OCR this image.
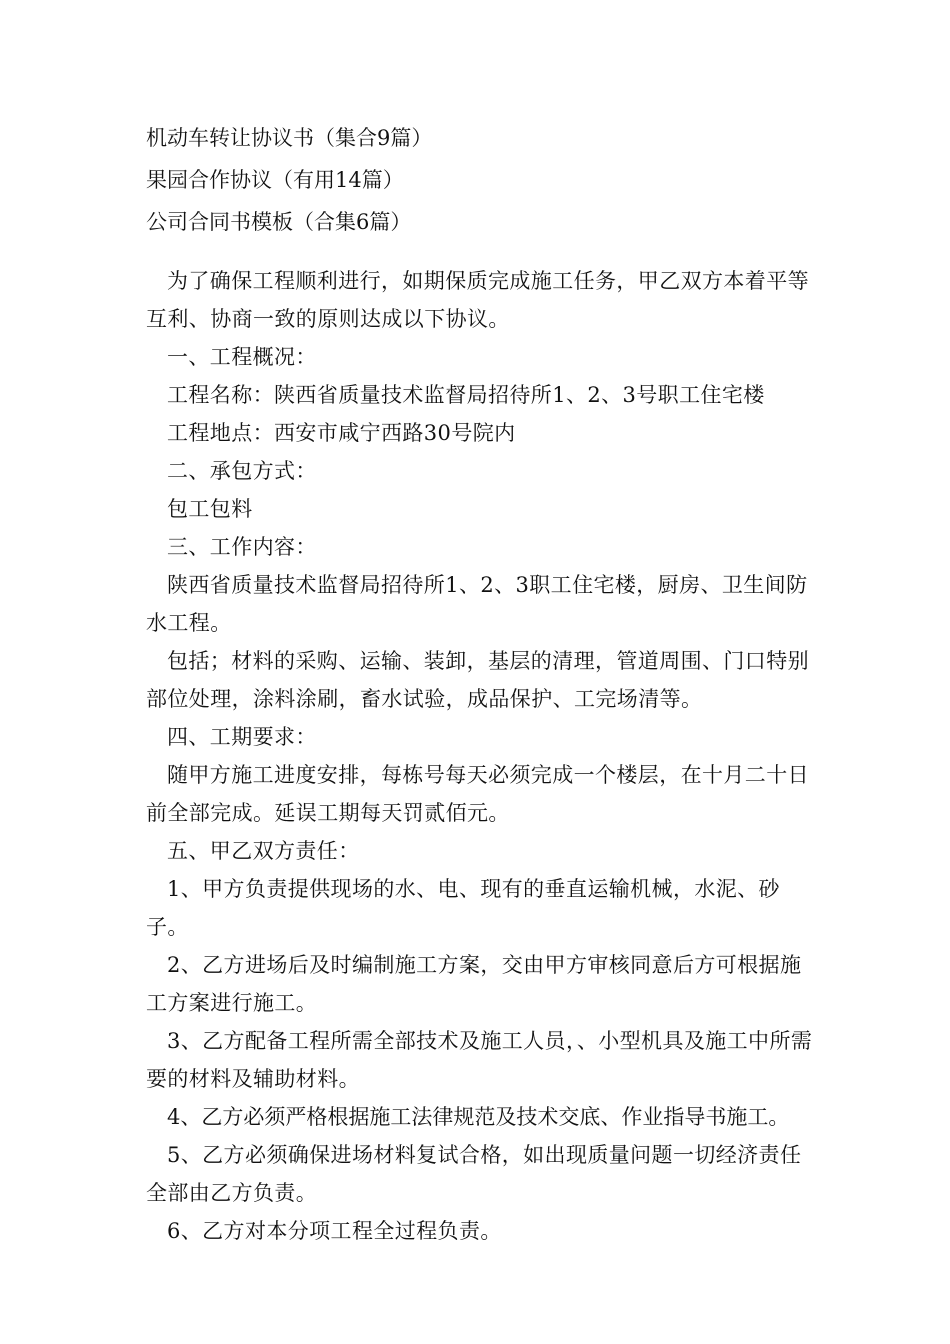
机动车转让协议书（集合9篇）
果园合作协议（有用14篇）
公司合同书模板（合集6篇）

为了确保工程顺利进行，如期保质完成施工任务，甲乙双方本着平等互利、协商一致的原则达成以下协议。

一、工程概况：

工程名称：陕西省质量技术监督局招待所1、2、3号职工住宅楼

工程地点：西安市咸宁西路30号院内

二、承包方式：

包工包料

三、工作内容：

陕西省质量技术监督局招待所1、2、3职工住宅楼，厨房、卫生间防水工程。

包括；材料的采购、运输、装卸，基层的清理，管道周围、门口特别部位处理，涂料涂刷，畜水试验，成品保护、工完场清等。

四、工期要求：

随甲方施工进度安排，每栋号每天必须完成一个楼层，在十月二十日前全部完成。延误工期每天罚贰佰元。

五、甲乙双方责任：

1、甲方负责提供现场的水、电、现有的垂直运输机械，水泥、砂子。

2、乙方进场后及时编制施工方案，交由甲方审核同意后方可根据施工方案进行施工。

3、乙方配备工程所需全部技术及施工人员，、小型机具及施工中所需要的材料及辅助材料。

4、乙方必须严格根据施工法律规范及技术交底、作业指导书施工。

5、乙方必须确保进场材料复试合格，如出现质量问题一切经济责任全部由乙方负责。

6、乙方对本分项工程全过程负责。
